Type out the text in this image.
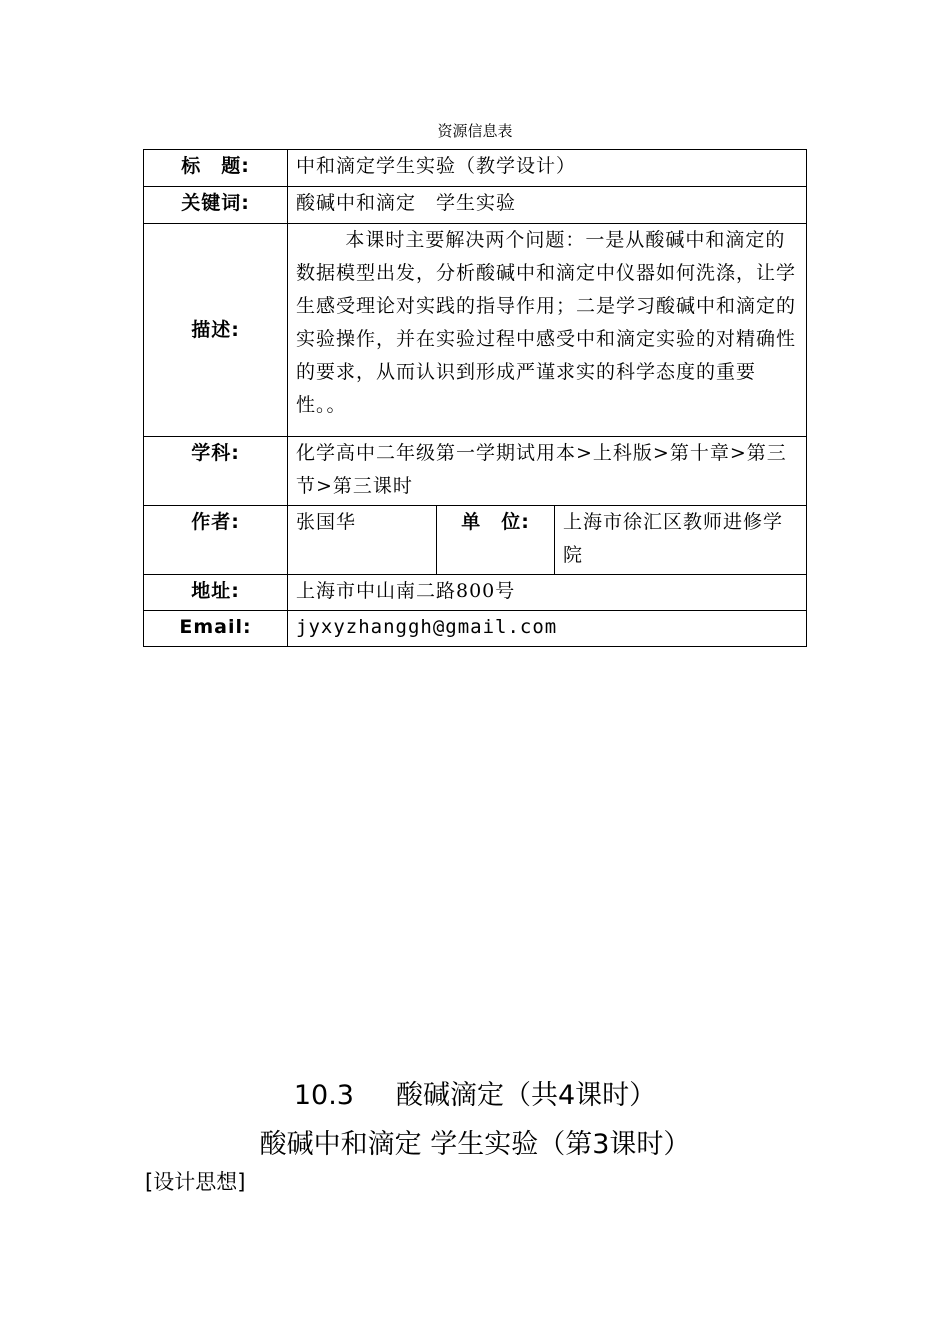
资源信息表
标　题:	中和滴定学生实验（教学设计）		
关键词:	酸碱中和滴定　学生实验		
描述:	本课时主要解决两个问题：一是从酸碱中和滴定的数据模型出发，分析酸碱中和滴定中仪器如何洗涤，让学生感受理论对实践的指导作用；二是学习酸碱中和滴定的实验操作，并在实验过程中感受中和滴定实验的对精确性的要求，从而认识到形成严谨求实的科学态度的重要性。。		
学科:	化学高中二年级第一学期试用本>上科版>第十章>第三节>第三课时		
作者:	张国华	单　位:	上海市徐汇区教师进修学院
地址:	上海市中山南二路800号		
Email:	jyxyzhanggh@gmail.com		
10.3 酸碱滴定（共4课时）
酸碱中和滴定 学生实验（第3课时）
[设计思想]
